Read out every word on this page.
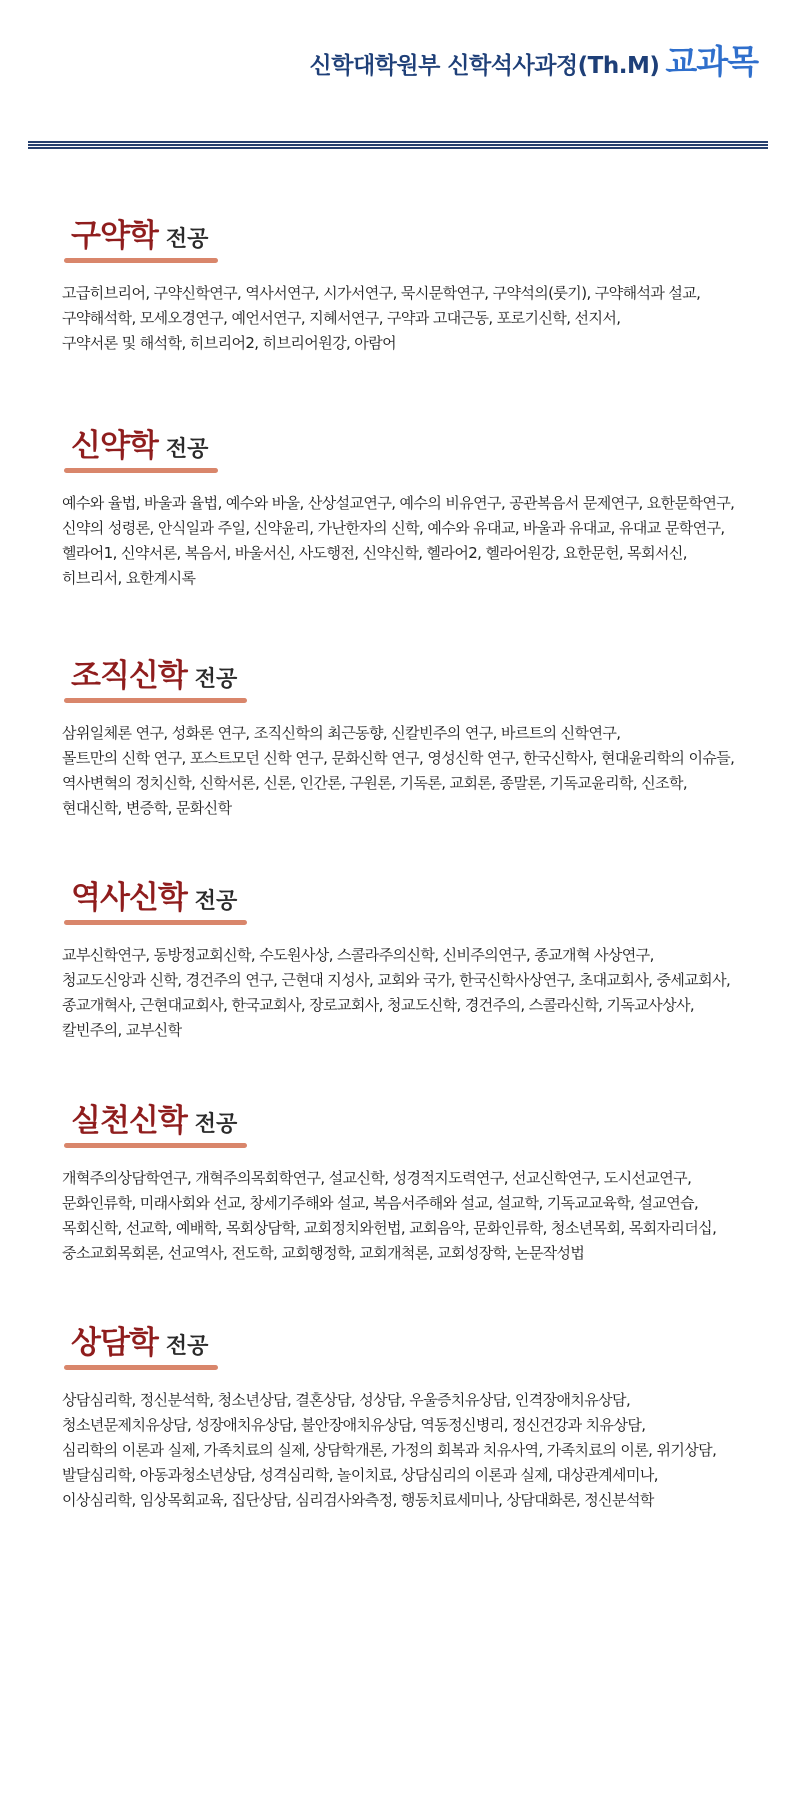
신학대학원부 신학석사과정(Th.M) 교과목
구약학 전공
고급히브리어, 구약신학연구, 역사서연구, 시가서연구, 묵시문학연구, 구약석의(룻기), 구약해석과 설교,
구약해석학, 모세오경연구, 예언서연구, 지혜서연구, 구약과 고대근동, 포로기신학, 선지서,
구약서론 및 해석학, 히브리어2, 히브리어원강, 아람어
신약학 전공
예수와 율법, 바울과 율법, 예수와 바울, 산상설교연구, 예수의 비유연구, 공관복음서 문제연구, 요한문학연구,
신약의 성령론, 안식일과 주일, 신약윤리, 가난한자의 신학, 예수와 유대교, 바울과 유대교, 유대교 문학연구,
헬라어1, 신약서론, 복음서, 바울서신, 사도행전, 신약신학, 헬라어2, 헬라어원강, 요한문헌, 목회서신,
히브리서, 요한계시록
조직신학 전공
삼위일체론 연구, 성화론 연구, 조직신학의 최근동향, 신칼빈주의 연구, 바르트의 신학연구,
몰트만의 신학 연구, 포스트모던 신학 연구, 문화신학 연구, 영성신학 연구, 한국신학사, 현대윤리학의 이슈들,
역사변혁의 정치신학, 신학서론, 신론, 인간론, 구원론, 기독론, 교회론, 종말론, 기독교윤리학, 신조학,
현대신학, 변증학, 문화신학
역사신학 전공
교부신학연구, 동방정교회신학, 수도원사상, 스콜라주의신학, 신비주의연구, 종교개혁 사상연구,
청교도신앙과 신학, 경건주의 연구, 근현대 지성사, 교회와 국가, 한국신학사상연구, 초대교회사, 중세교회사,
종교개혁사, 근현대교회사, 한국교회사, 장로교회사, 청교도신학, 경건주의, 스콜라신학, 기독교사상사,
칼빈주의, 교부신학
실천신학 전공
개혁주의상담학연구, 개혁주의목회학연구, 설교신학, 성경적지도력연구, 선교신학연구, 도시선교연구,
문화인류학, 미래사회와 선교, 창세기주해와 설교, 복음서주해와 설교, 설교학, 기독교교육학, 설교연습,
목회신학, 선교학, 예배학, 목회상담학, 교회정치와헌법, 교회음악, 문화인류학, 청소년목회, 목회자리더십,
중소교회목회론, 선교역사, 전도학, 교회행정학, 교회개척론, 교회성장학, 논문작성법
상담학 전공
상담심리학, 정신분석학, 청소년상담, 결혼상담, 성상담, 우울증치유상담, 인격장애치유상담,
청소년문제치유상담, 성장애치유상담, 불안장애치유상담, 역동정신병리, 정신건강과 치유상담,
심리학의 이론과 실제, 가족치료의 실제, 상담학개론, 가정의 회복과 치유사역, 가족치료의 이론, 위기상담,
발달심리학, 아동과청소년상담, 성격심리학, 놀이치료, 상담심리의 이론과 실제, 대상관계세미나,
이상심리학, 임상목회교육, 집단상담, 심리검사와측정, 행동치료세미나, 상담대화론, 정신분석학
